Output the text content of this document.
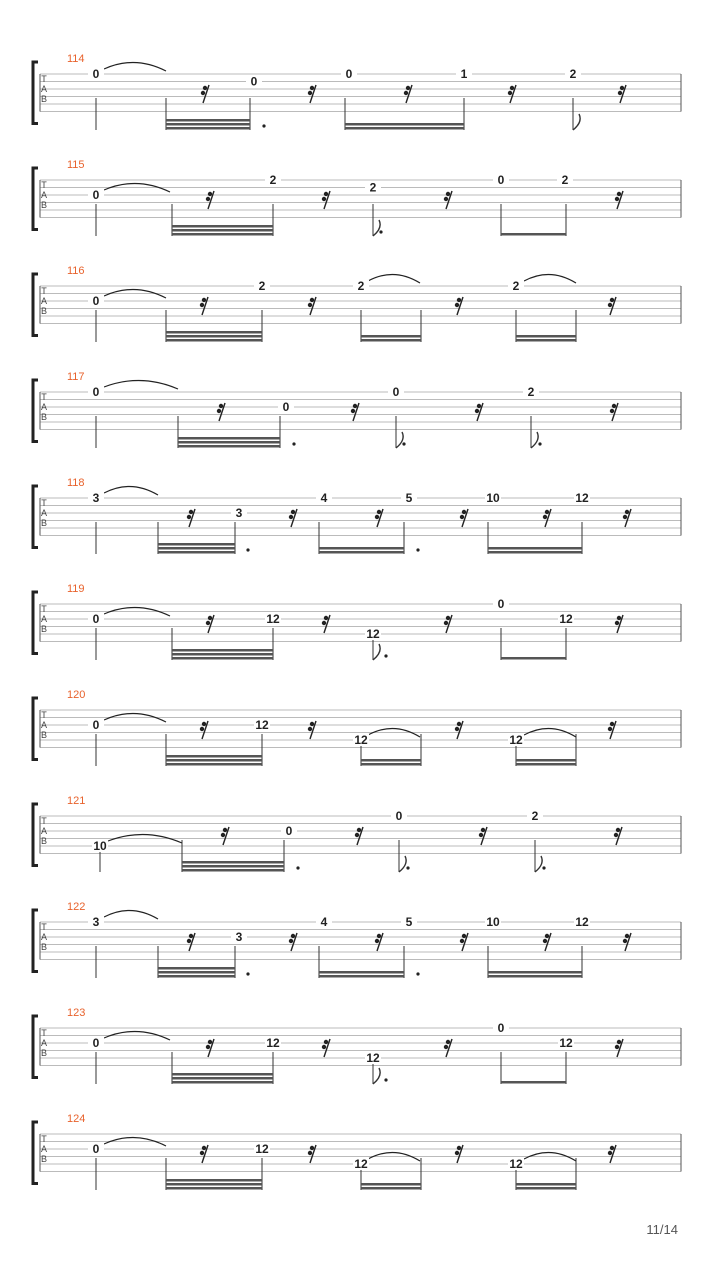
T
A
B
114
0
0
0	1	2
T
A
B
115
0
2
2
0	2
T
A
B
116
0
2	2	2
T
A
B
117
0
0
0	2
T
A
B
118
3
3
4	5	10	12
T
A
B
119
0	12
12
0
12
T
A
B
120
0	12
12	12
T
A
B
121
10
0
0	2
T
A
B
122
3
3
4	5	10	12
T
A
B
123
0	12
12
0
12
T
A
B
124
0	12
12	12
11/14
